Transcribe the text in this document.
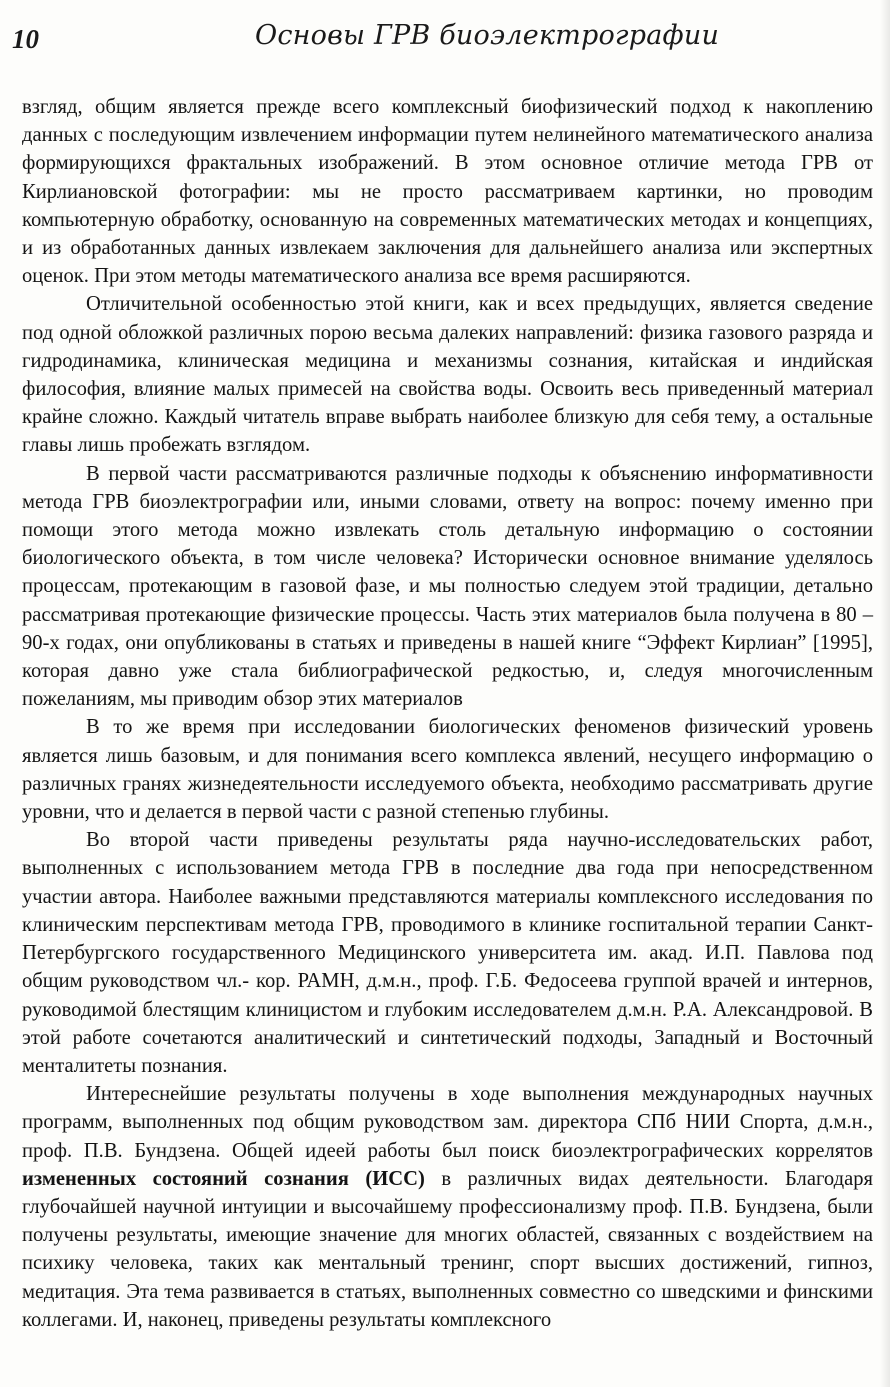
10	Основы ГРВ биоэлектрографии

взгляд, общим является прежде всего комплексный биофизический подход к накоплению данных с последующим извлечением информации путем нелинейного математического анализа формирующихся фрактальных изображений. В этом основное отличие метода ГРВ от Кирлиановской фотографии: мы не просто рассматриваем картинки, но проводим компьютерную обработку, основанную на современных математических методах и концепциях, и из обработанных данных извлекаем заключения для дальнейшего анализа или экспертных оценок. При этом методы математического анализа все время расширяются.

Отличительной особенностью этой книги, как и всех предыдущих, является сведение под одной обложкой различных порою весьма далеких направлений: физика газового разряда и гидродинамика, клиническая медицина и механизмы сознания, китайская и индийская философия, влияние малых примесей на свойства воды. Освоить весь приведенный материал крайне сложно. Каждый читатель вправе выбрать наиболее близкую для себя тему, а остальные главы лишь пробежать взглядом.

В первой части рассматриваются различные подходы к объяснению информативности метода ГРВ биоэлектрографии или, иными словами, ответу на вопрос: почему именно при помощи этого метода можно извлекать столь детальную информацию о состоянии биологического объекта, в том числе человека? Исторически основное внимание уделялось процессам, протекающим в газовой фазе, и мы полностью следуем этой традиции, детально рассматривая протекающие физические процессы. Часть этих материалов была получена в 80 – 90-х годах, они опубликованы в статьях и приведены в нашей книге “Эффект Кирлиан” [1995], которая давно уже стала библиографической редкостью, и, следуя многочисленным пожеланиям, мы приводим обзор этих материалов

В то же время при исследовании биологических феноменов физический уровень является лишь базовым, и для понимания всего комплекса явлений, несущего информацию о различных гранях жизнедеятельности исследуемого объекта, необходимо рассматривать другие уровни, что и делается в первой части с разной степенью глубины.

Во второй части приведены результаты ряда научно-исследовательских работ, выполненных с использованием метода ГРВ в последние два года при непосредственном участии автора. Наиболее важными представляются материалы комплексного исследования по клиническим перспективам метода ГРВ, проводимого в клинике госпитальной терапии Санкт-Петербургского государственного Медицинского университета им. акад. И.П. Павлова под общим руководством чл.- кор. РАМН, д.м.н., проф. Г.Б. Федосеева группой врачей и интернов, руководимой блестящим клиницистом и глубоким исследователем д.м.н. Р.А. Александровой. В этой работе сочетаются аналитический и синтетический подходы, Западный и Восточный менталитеты познания.

Интереснейшие результаты получены в ходе выполнения международных научных программ, выполненных под общим руководством зам. директора СПб НИИ Спорта, д.м.н., проф. П.В. Бундзена. Общей идеей работы был поиск биоэлектрографических коррелятов измененных состояний сознания (ИСС) в различных видах деятельности. Благодаря глубочайшей научной интуиции и высочайшему профессионализму проф. П.В. Бундзена, были получены результаты, имеющие значение для многих областей, связанных с воздействием на психику человека, таких как ментальный тренинг, спорт высших достижений, гипноз, медитация. Эта тема развивается в статьях, выполненных совместно со шведскими и финскими коллегами. И, наконец, приведены результаты комплексного
